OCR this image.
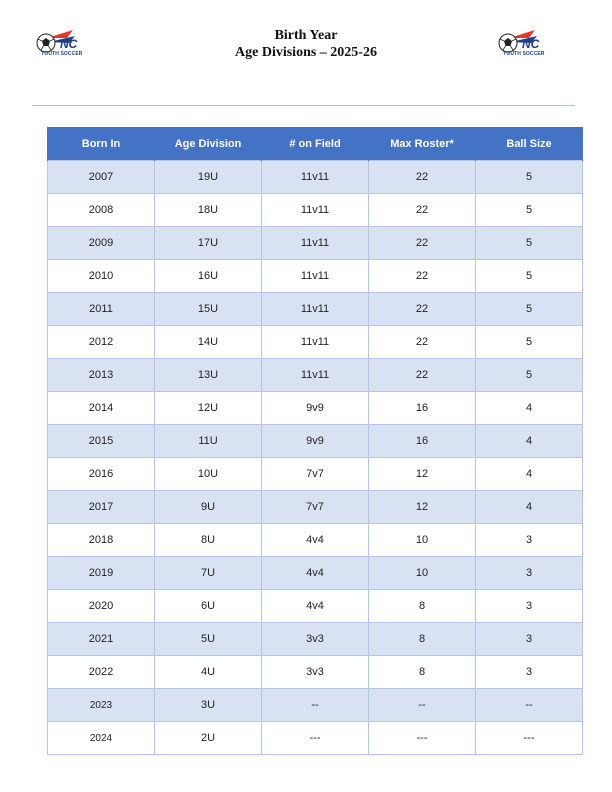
NC
YOUTH SOCCER
Birth Year
Age Divisions – 2025-26
NC
YOUTH SOCCER
Born In	Age Division	# on Field	Max Roster*	Ball Size
2007	19U	11v11	22	5
2008	18U	11v11	22	5
2009	17U	11v11	22	5
2010	16U	11v11	22	5
2011	15U	11v11	22	5
2012	14U	11v11	22	5
2013	13U	11v11	22	5
2014	12U	9v9	16	4
2015	11U	9v9	16	4
2016	10U	7v7	12	4
2017	9U	7v7	12	4
2018	8U	4v4	10	3
2019	7U	4v4	10	3
2020	6U	4v4	8	3
2021	5U	3v3	8	3
2022	4U	3v3	8	3
2023	3U	--	--	--
2024	2U	---	---	---
